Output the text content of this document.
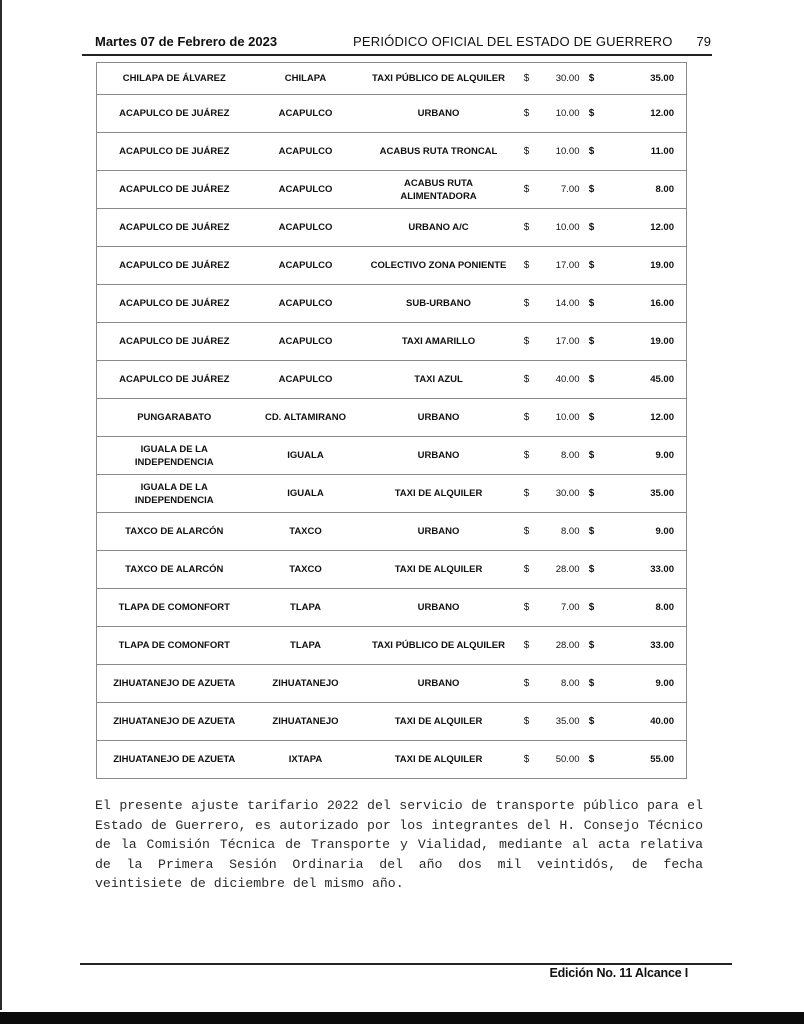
Martes 07 de Febrero de 2023	PERIÓDICO OFICIAL DEL ESTADO DE GUERRERO 79
CHILAPA DE ÁLVAREZ	CHILAPA	TAXI PÚBLICO DE ALQUILER	$	30.00	$	35.00
ACAPULCO DE JUÁREZ	ACAPULCO	URBANO	$	10.00	$	12.00
ACAPULCO DE JUÁREZ	ACAPULCO	ACABUS RUTA TRONCAL	$	10.00	$	11.00
ACAPULCO DE JUÁREZ	ACAPULCO	ACABUS RUTA ALIMENTADORA	$	7.00	$	8.00
ACAPULCO DE JUÁREZ	ACAPULCO	URBANO A/C	$	10.00	$	12.00
ACAPULCO DE JUÁREZ	ACAPULCO	COLECTIVO ZONA PONIENTE	$	17.00	$	19.00
ACAPULCO DE JUÁREZ	ACAPULCO	SUB-URBANO	$	14.00	$	16.00
ACAPULCO DE JUÁREZ	ACAPULCO	TAXI AMARILLO	$	17.00	$	19.00
ACAPULCO DE JUÁREZ	ACAPULCO	TAXI AZUL	$	40.00	$	45.00
PUNGARABATO	CD. ALTAMIRANO	URBANO	$	10.00	$	12.00
IGUALA DE LA INDEPENDENCIA	IGUALA	URBANO	$	8.00	$	9.00
IGUALA DE LA INDEPENDENCIA	IGUALA	TAXI DE ALQUILER	$	30.00	$	35.00
TAXCO DE ALARCÓN	TAXCO	URBANO	$	8.00	$	9.00
TAXCO DE ALARCÓN	TAXCO	TAXI DE ALQUILER	$	28.00	$	33.00
TLAPA DE COMONFORT	TLAPA	URBANO	$	7.00	$	8.00
TLAPA DE COMONFORT	TLAPA	TAXI PÚBLICO DE ALQUILER	$	28.00	$	33.00
ZIHUATANEJO DE AZUETA	ZIHUATANEJO	URBANO	$	8.00	$	9.00
ZIHUATANEJO DE AZUETA	ZIHUATANEJO	TAXI DE ALQUILER	$	35.00	$	40.00
ZIHUATANEJO DE AZUETA	IXTAPA	TAXI DE ALQUILER	$	50.00	$	55.00
El presente ajuste tarifario 2022 del servicio de transporte público para el Estado de Guerrero, es autorizado por los integrantes del H. Consejo Técnico de la Comisión Técnica de Transporte y Vialidad, mediante al acta relativa de la Primera Sesión Ordinaria del año dos mil veintidós, de fecha veintisiete de diciembre del mismo año.
Edición No. 11 Alcance I
